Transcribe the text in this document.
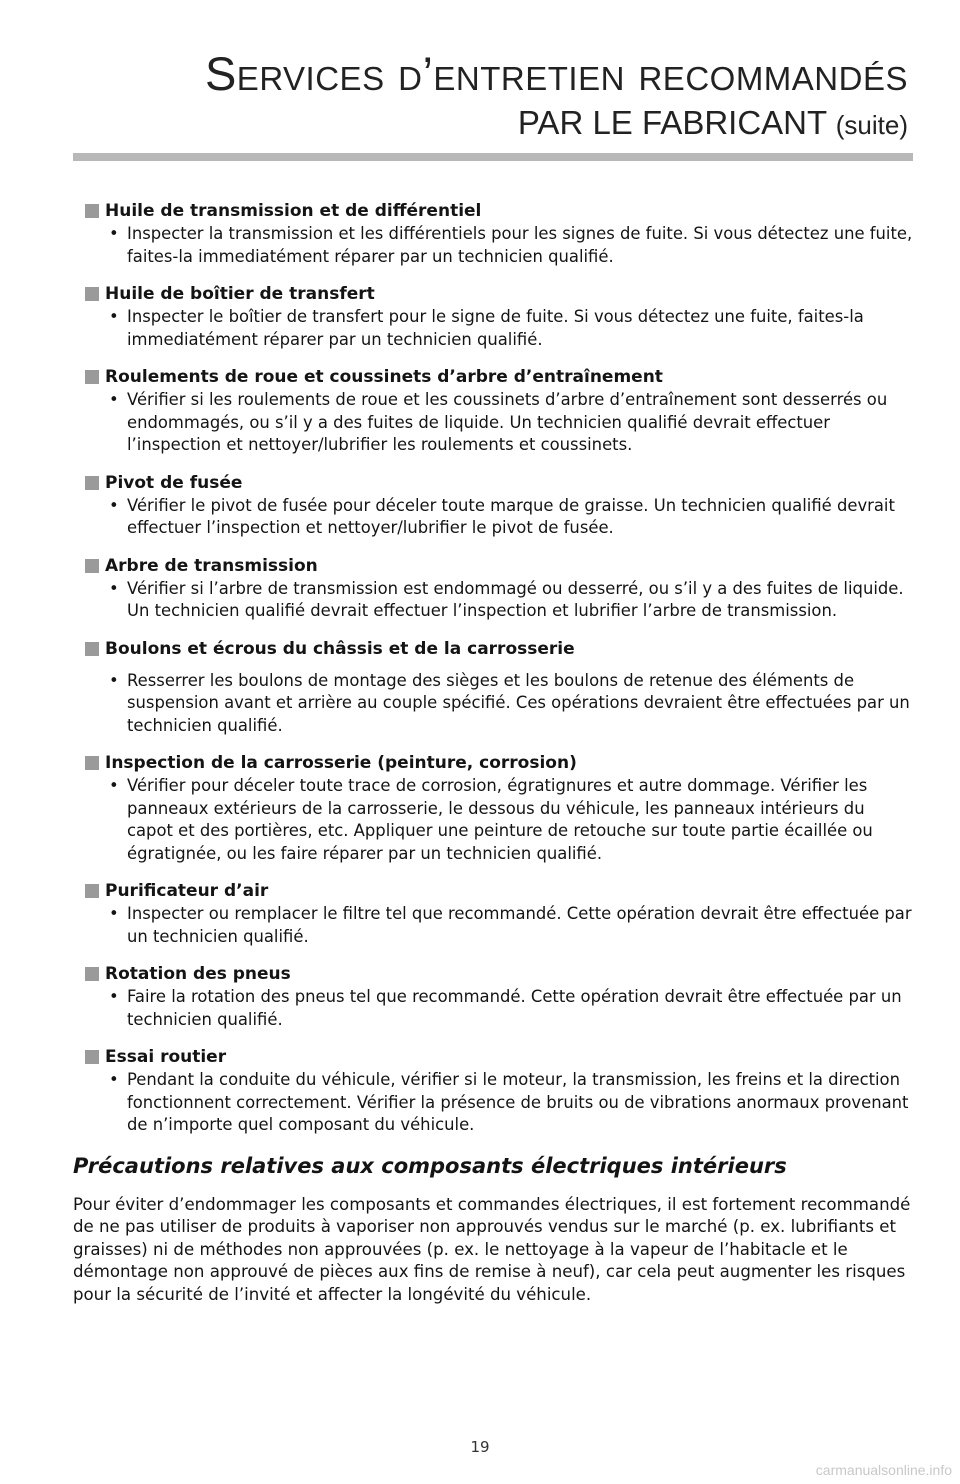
Services d’entretien recommandés
PAR LE FABRICANT (suite)
Huile de transmission et de différentiel
• Inspecter la transmission et les différentiels pour les signes de fuite. Si vous détectez une fuite, faites-la immediatément réparer par un technicien qualifié.
Huile de boîtier de transfert
• Inspecter le boîtier de transfert pour le signe de fuite. Si vous détectez une fuite, faites-la immediatément réparer par un technicien qualifié.
Roulements de roue et coussinets d’arbre d’entraînement
• Vérifier si les roulements de roue et les coussinets d’arbre d’entraînement sont desserrés ou endommagés, ou s’il y a des fuites de liquide. Un technicien qualifié devrait effectuer l’inspection et nettoyer/lubrifier les roulements et coussinets.
Pivot de fusée
• Vérifier le pivot de fusée pour déceler toute marque de graisse. Un technicien qualifié devrait effectuer l’inspection et nettoyer/lubrifier le pivot de fusée.
Arbre de transmission
• Vérifier si l’arbre de transmission est endommagé ou desserré, ou s’il y a des fuites de liquide. Un technicien qualifié devrait effectuer l’inspection et lubrifier l’arbre de transmission.
Boulons et écrous du châssis et de la carrosserie
• Resserrer les boulons de montage des sièges et les boulons de retenue des éléments de suspension avant et arrière au couple spécifié. Ces opérations devraient être effectuées par un technicien qualifié.
Inspection de la carrosserie (peinture, corrosion)
• Vérifier pour déceler toute trace de corrosion, égratignures et autre dommage. Vérifier les panneaux extérieurs de la carrosserie, le dessous du véhicule, les panneaux intérieurs du capot et des portières, etc. Appliquer une peinture de retouche sur toute partie écaillée ou égratignée, ou les faire réparer par un technicien qualifié.
Purificateur d’air
• Inspecter ou remplacer le filtre tel que recommandé. Cette opération devrait être effectuée par un technicien qualifié.
Rotation des pneus
• Faire la rotation des pneus tel que recommandé. Cette opération devrait être effectuée par un technicien qualifié.
Essai routier
• Pendant la conduite du véhicule, vérifier si le moteur, la transmission, les freins et la direction fonctionnent correctement. Vérifier la présence de bruits ou de vibrations anormaux provenant de n’importe quel composant du véhicule.
Précautions relatives aux composants électriques intérieurs
Pour éviter d’endommager les composants et commandes électriques, il est fortement recommandé de ne pas utiliser de produits à vaporiser non approuvés vendus sur le marché (p. ex. lubrifiants et graisses) ni de méthodes non approuvées (p. ex. le nettoyage à la vapeur de l’habitacle et le démontage non approuvé de pièces aux fins de remise à neuf), car cela peut augmenter les risques pour la sécurité de l’invité et affecter la longévité du véhicule.
19
carmanualsonline.info
